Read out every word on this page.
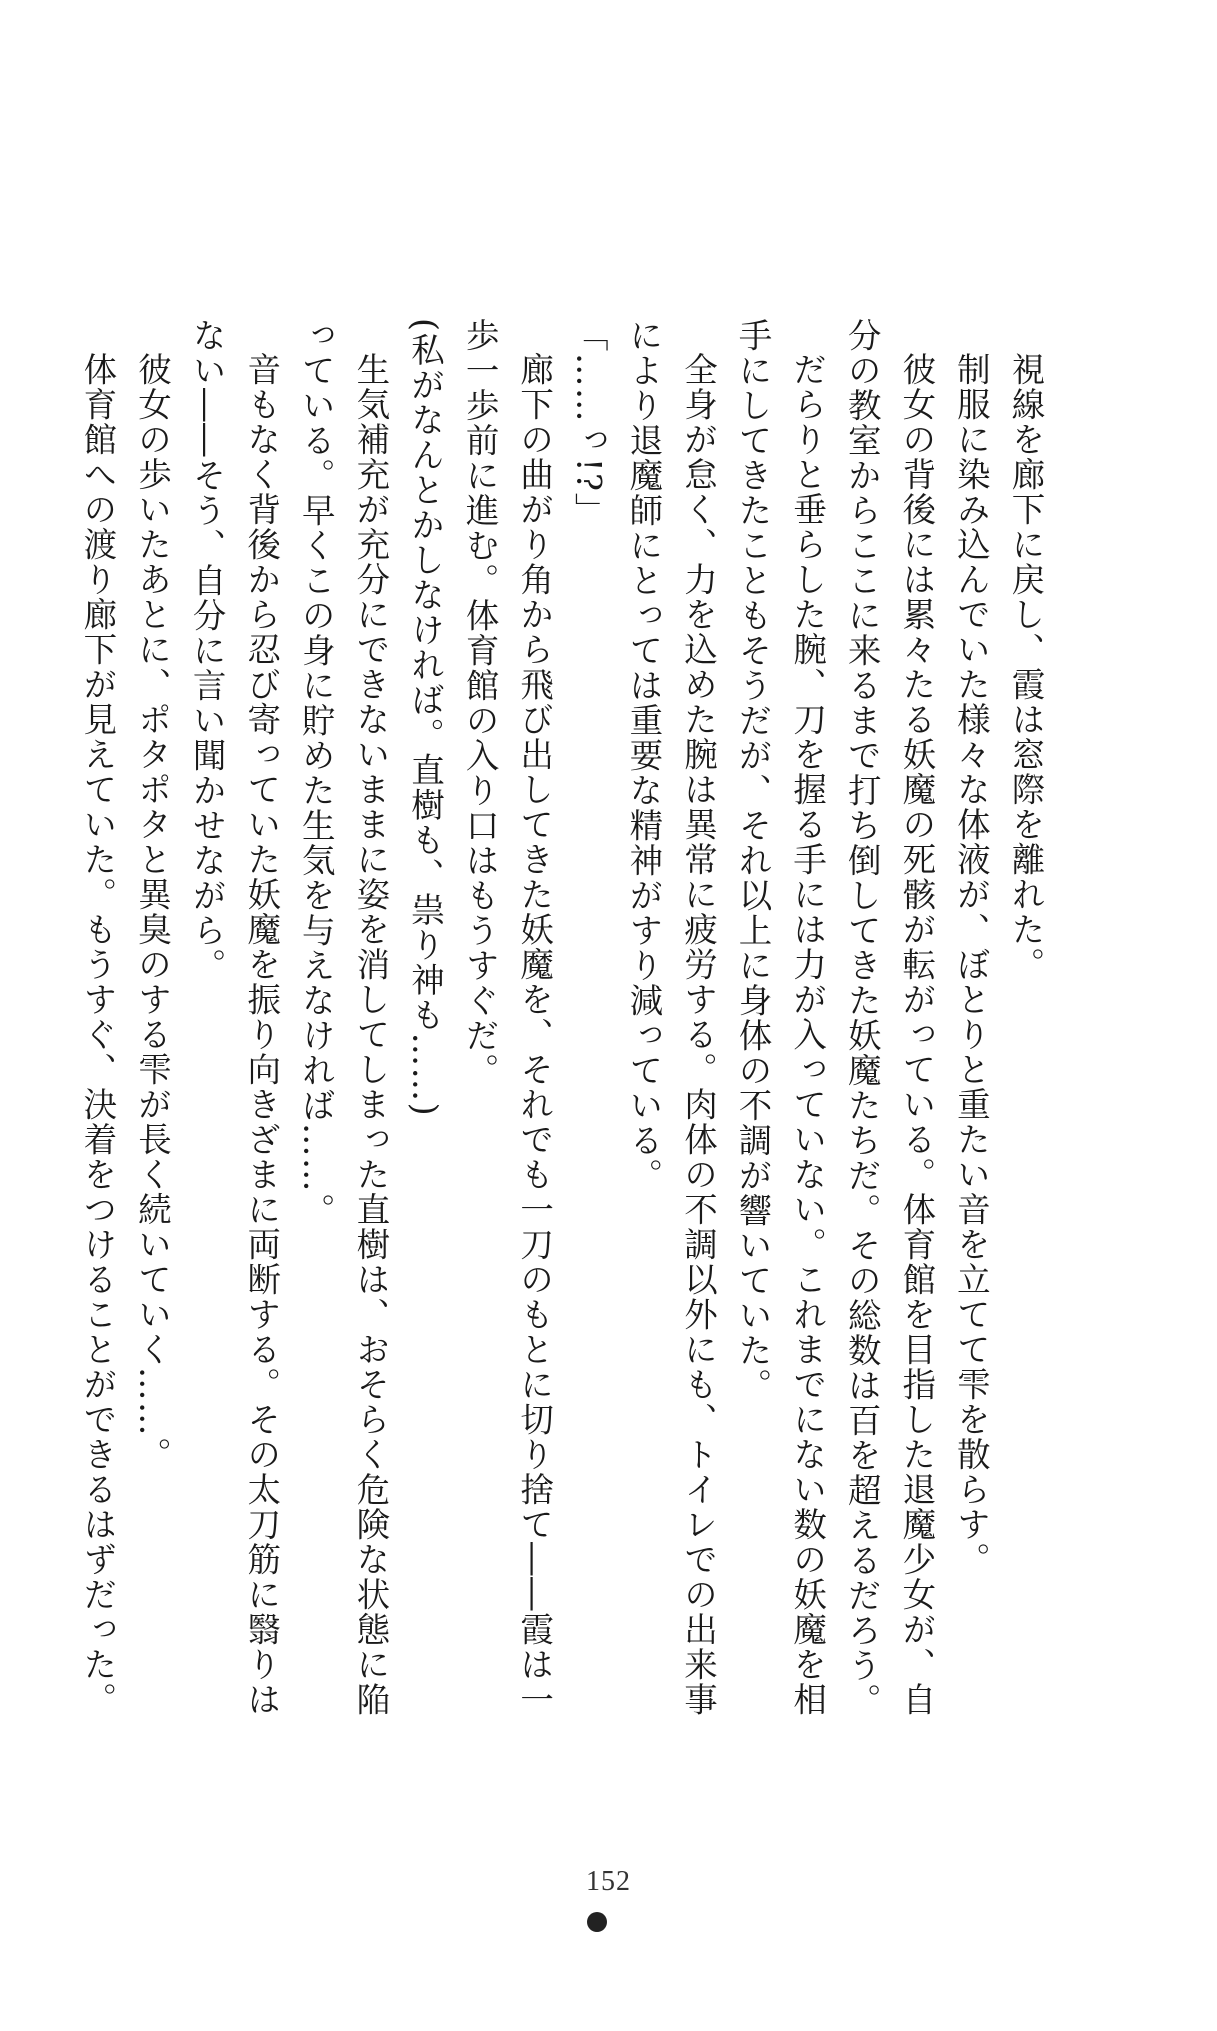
視線を廊下に戻し、霞は窓際を離れた。
制服に染み込んでいた様々な体液が、ぼとりと重たい音を立てて雫を散らす。
彼女の背後には累々たる妖魔の死骸が転がっている。体育館を目指した退魔少女が、自
分の教室からここに来るまで打ち倒してきた妖魔たちだ。その総数は百を超えるだろう。
だらりと垂らした腕、刀を握る手には力が入っていない。これまでにない数の妖魔を相
手にしてきたこともそうだが、それ以上に身体の不調が響いていた。
全身が怠く、力を込めた腕は異常に疲労する。肉体の不調以外にも、トイレでの出来事
により退魔師にとっては重要な精神がすり減っている。
「……っ!?」
廊下の曲がり角から飛び出してきた妖魔を、それでも一刀のもとに切り捨て――霞は一
歩一歩前に進む。体育館の入り口はもうすぐだ。
(私がなんとかしなければ。直樹も、祟り神も……)
生気補充が充分にできないままに姿を消してしまった直樹は、おそらく危険な状態に陥
っている。早くこの身に貯めた生気を与えなければ……。
音もなく背後から忍び寄っていた妖魔を振り向きざまに両断する。その太刀筋に翳りは
ない――そう、自分に言い聞かせながら。
彼女の歩いたあとに、ポタポタと異臭のする雫が長く続いていく……。
体育館への渡り廊下が見えていた。もうすぐ、決着をつけることができるはずだった。
152
